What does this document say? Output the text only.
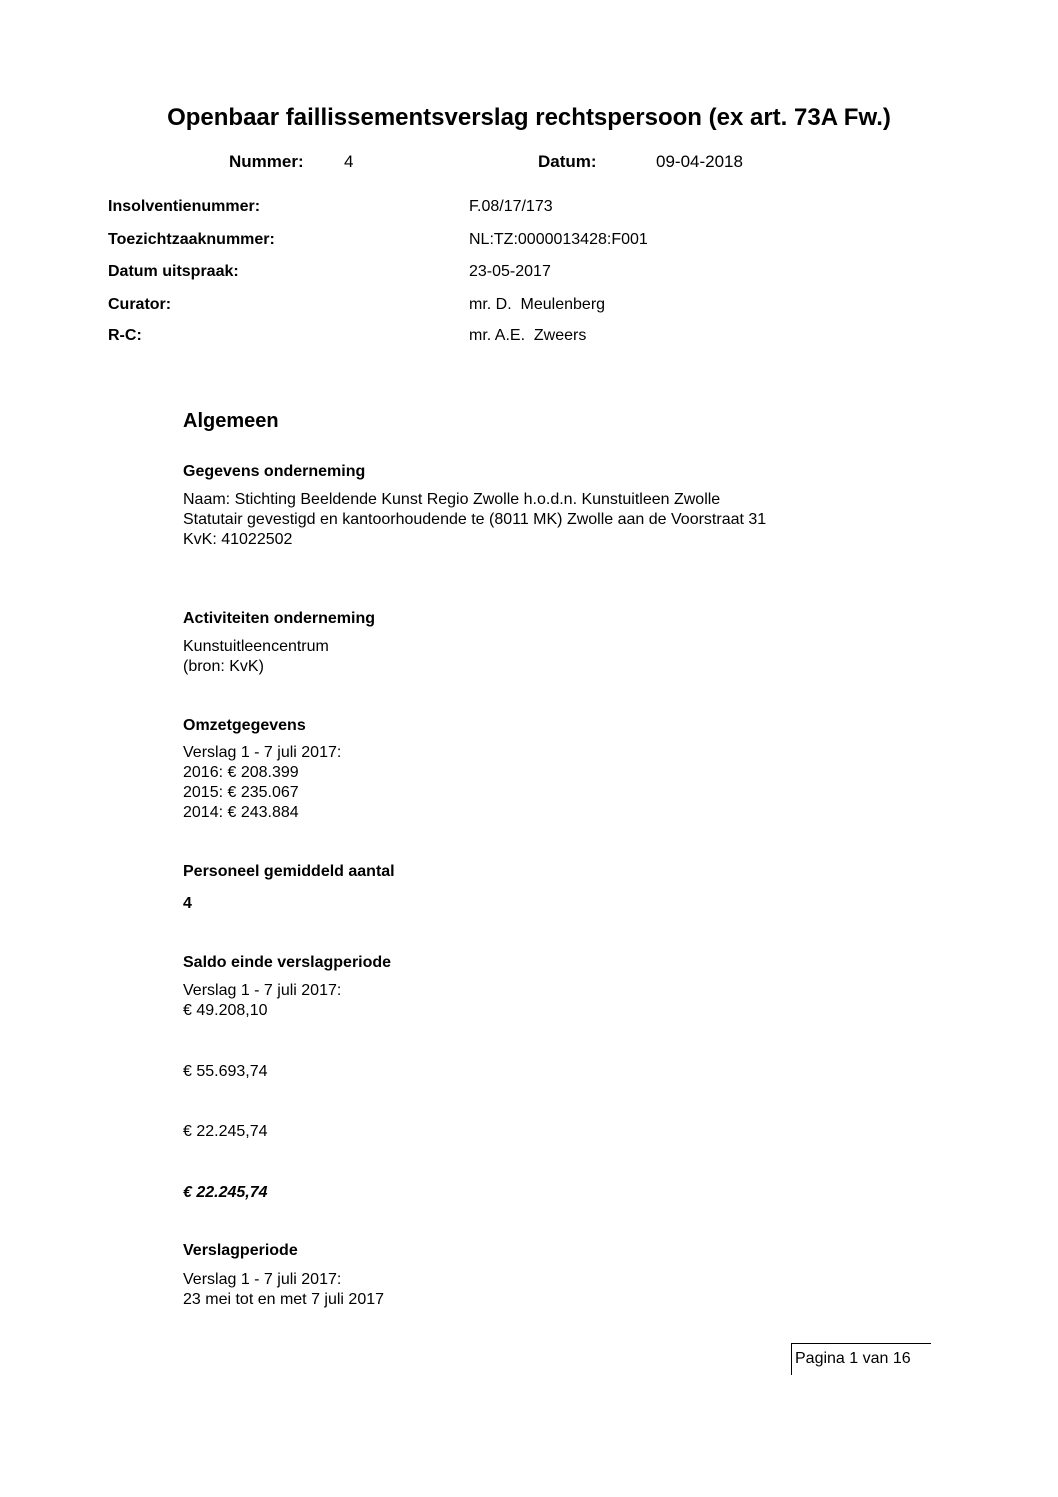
Openbaar faillissementsverslag rechtspersoon (ex art. 73A Fw.)
Nummer: 4	Datum:	09-04-2018
Insolventienummer:	F.08/17/173
Toezichtzaaknummer:	NL:TZ:0000013428:F001
Datum uitspraak:	23-05-2017
Curator:	mr. D.  Meulenberg
R-C:	mr. A.E.  Zweers
Algemeen
Gegevens onderneming
Naam: Stichting Beeldende Kunst Regio Zwolle h.o.d.n. Kunstuitleen Zwolle
Statutair gevestigd en kantoorhoudende te (8011 MK) Zwolle aan de Voorstraat 31
KvK: 41022502
Activiteiten onderneming
Kunstuitleencentrum
(bron: KvK)
Omzetgegevens
Verslag 1 - 7 juli 2017:
2016: € 208.399
2015: € 235.067
2014: € 243.884
Personeel gemiddeld aantal
4
Saldo einde verslagperiode
Verslag 1 - 7 juli 2017:
€ 49.208,10
€ 55.693,74
€ 22.245,74
€ 22.245,74
Verslagperiode
Verslag 1 - 7 juli 2017:
23 mei tot en met 7 juli 2017
Pagina 1 van 16
